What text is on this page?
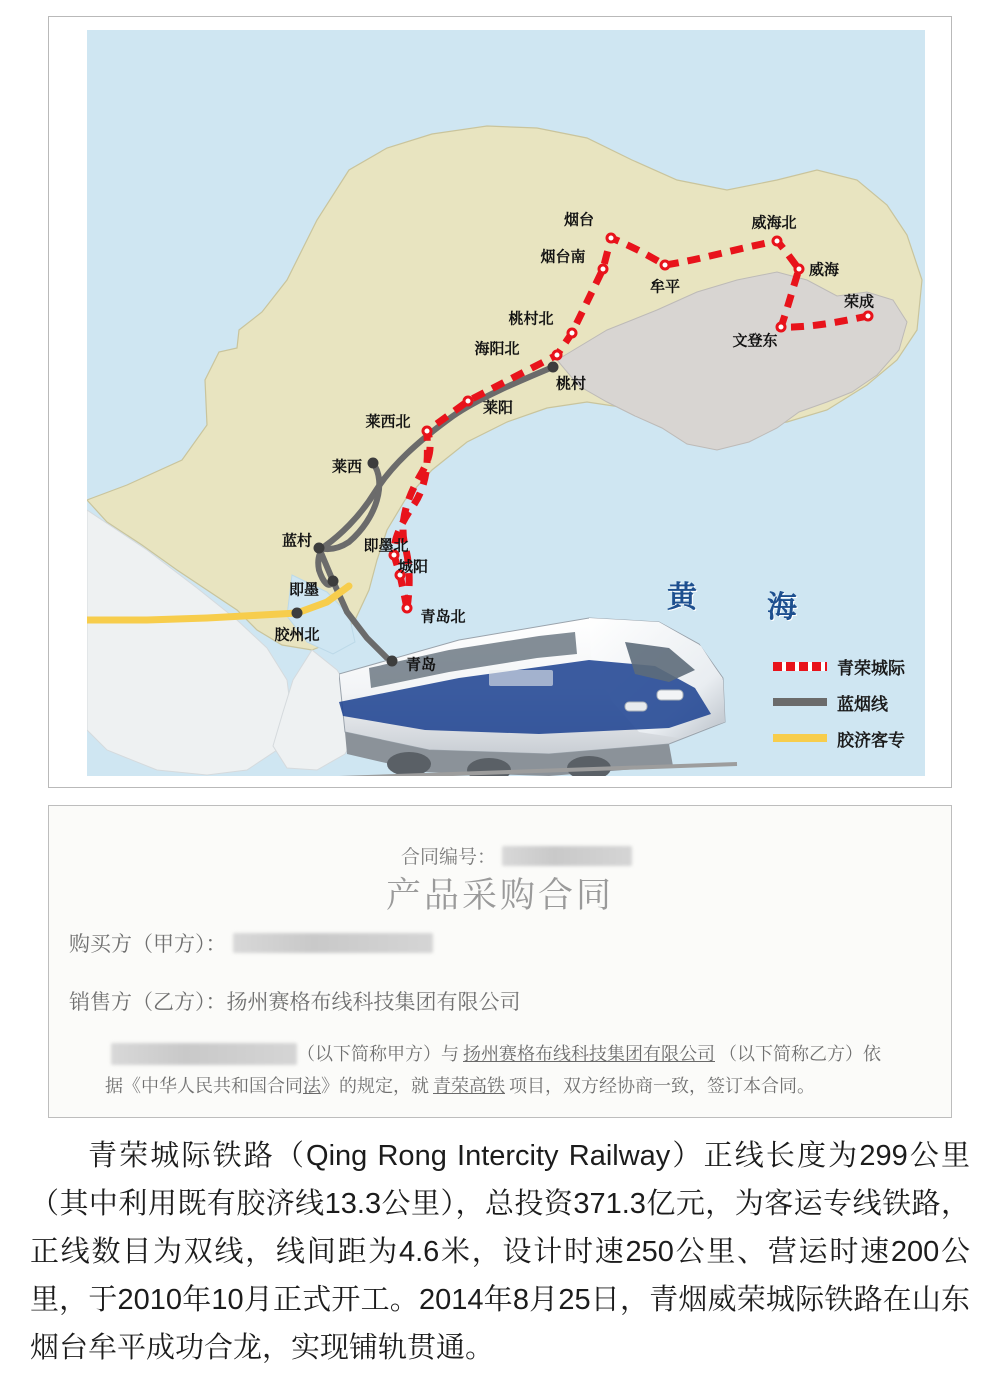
黄 海
烟台
烟台南
牟平
威海北
威海
荣成
文登东
桃村北
海阳北
桃村
莱阳
莱西北
莱西
蓝村	即墨北
城阳
即墨
青岛北
胶州北
青岛	青荣城际
蓝烟线
胶济客专
合同编号：
产品采购合同
购买方（甲方）：
销售方（乙方）： 扬州赛格布线科技集团有限公司
（以下简称甲方）与 扬州赛格布线科技集团有限公司 （以下简称乙方）依
据《中华人民共和国合同 法 》的规定，就 青荣高铁 项目，双方经协商一致，签订本合同。
青荣城际铁路（Qing Rong Intercity Railway）正线长度为299公里（其中利用既有胶济线13.3公里），总投资371.3亿元，为客运专线铁路，正线数目为双线，线间距为4.6米，设计时速250公里、营运时速200公里，于2010年10月正式开工。2014年8月25日，青烟威荣城际铁路在山东烟台牟平成功合龙，实现铺轨贯通。
